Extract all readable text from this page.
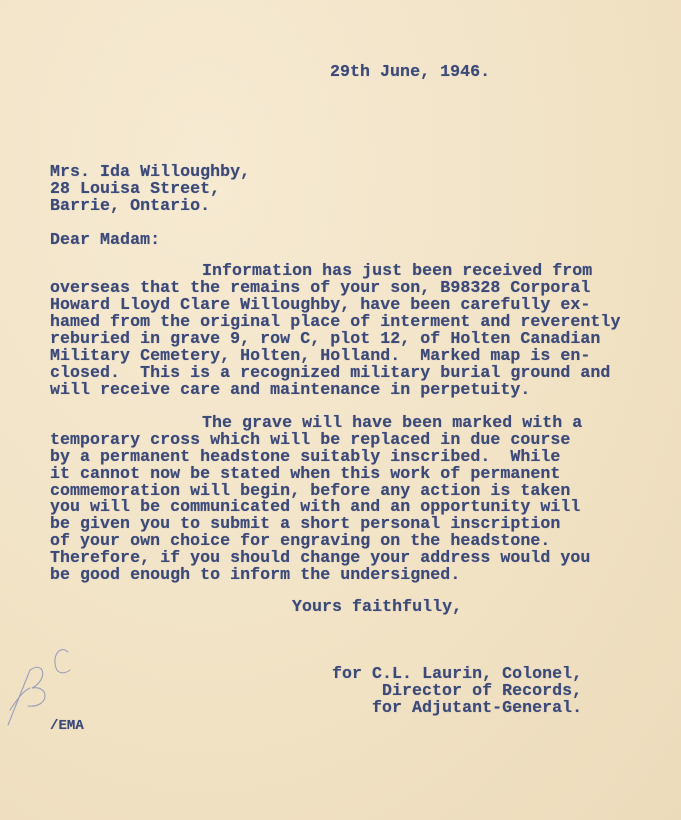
29th June, 1946.
Mrs. Ida Willoughby,
28 Louisa Street,
Barrie, Ontario.
Dear Madam:
Information has just been received from
overseas that the remains of your son, B98328 Corporal
Howard Lloyd Clare Willoughby, have been carefully ex-
hamed from the original place of interment and reverently
reburied in grave 9, row C, plot 12, of Holten Canadian
Military Cemetery, Holten, Holland.  Marked map is en-
closed.  This is a recognized military burial ground and
will receive care and maintenance in perpetuity.
The grave will have been marked with a
temporary cross which will be replaced in due course
by a permanent headstone suitably inscribed.  While
it cannot now be stated when this work of permanent
commemoration will begin, before any action is taken
you will be communicated with and an opportunity will
be given you to submit a short personal inscription
of your own choice for engraving on the headstone.
Therefore, if you should change your address would you
be good enough to inform the undersigned.
Yours faithfully,
for C.L. Laurin, Colonel,
Director of Records,
for Adjutant-General.
/EMA
